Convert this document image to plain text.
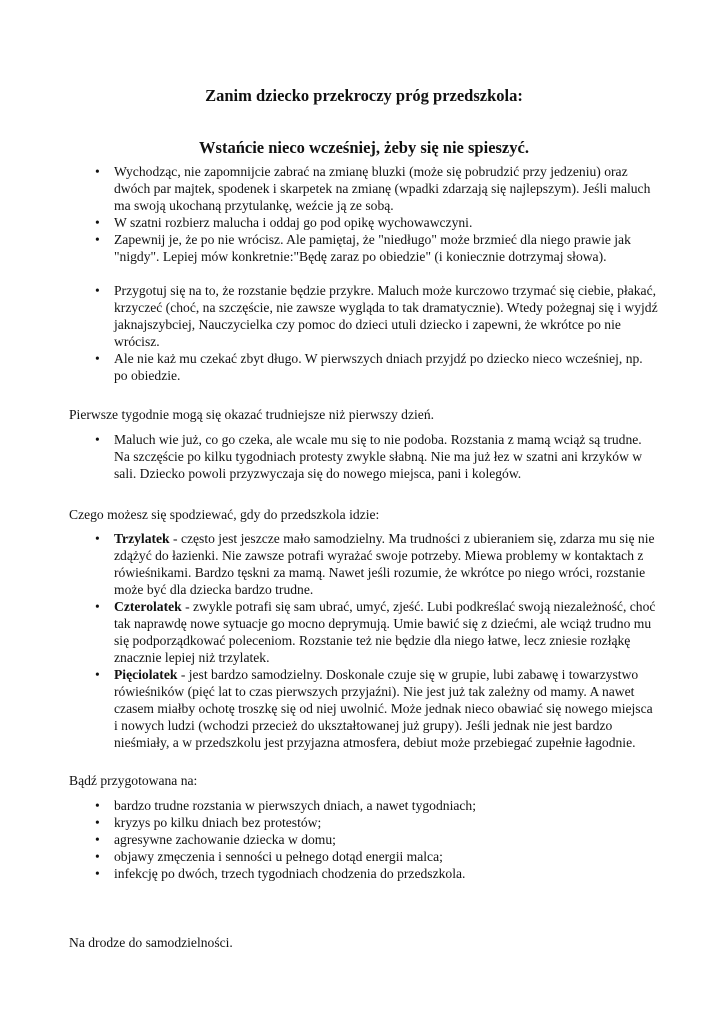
Zanim dziecko przekroczy próg przedszkola:
Wstańcie nieco wcześniej, żeby się nie spieszyć.
• Wychodząc, nie zapomnijcie zabrać na zmianę bluzki (może się pobrudzić przy jedzeniu) oraz dwóch par majtek, spodenek i skarpetek na zmianę (wpadki zdarzają się najlepszym). Jeśli maluch ma swoją ukochaną przytulankę, weźcie ją ze sobą.
• W szatni rozbierz malucha i oddaj go pod opikę wychowawczyni.
• Zapewnij je, że po nie wrócisz. Ale pamiętaj, że "niedługo" może brzmieć dla niego prawie jak "nigdy". Lepiej mów konkretnie:"Będę zaraz po obiedzie" (i koniecznie dotrzymaj słowa).
• Przygotuj się na to, że rozstanie będzie przykre. Maluch może kurczowo trzymać się ciebie, płakać, krzyczeć (choć, na szczęście, nie zawsze wygląda to tak dramatycznie). Wtedy pożegnaj się i wyjdź jaknajszybciej, Nauczycielka czy pomoc do dzieci utuli dziecko i zapewni, że wkrótce po nie wrócisz.
• Ale nie każ mu czekać zbyt długo. W pierwszych dniach przyjdź po dziecko nieco wcześniej, np. po obiedzie.

Pierwsze tygodnie mogą się okazać trudniejsze niż pierwszy dzień.

• Maluch wie już, co go czeka, ale wcale mu się to nie podoba. Rozstania z mamą wciąż są trudne. Na szczęście po kilku tygodniach protesty zwykle słabną. Nie ma już łez w szatni ani krzyków w sali. Dziecko powoli przyzwyczaja się do nowego miejsca, pani i kolegów.

Czego możesz się spodziewać, gdy do przedszkola idzie:

• Trzylatek - często jest jeszcze mało samodzielny. Ma trudności z ubieraniem się, zdarza mu się nie zdążyć do łazienki. Nie zawsze potrafi wyrażać swoje potrzeby. Miewa problemy w kontaktach z rówieśnikami. Bardzo tęskni za mamą. Nawet jeśli rozumie, że wkrótce po niego wróci, rozstanie może być dla dziecka bardzo trudne.
• Czterolatek - zwykle potrafi się sam ubrać, umyć, zjeść. Lubi podkreślać swoją niezależność, choć tak naprawdę nowe sytuacje go mocno deprymują. Umie bawić się z dziećmi, ale wciąż trudno mu się podporządkować poleceniom. Rozstanie też nie będzie dla niego łatwe, lecz zniesie rozłąkę znacznie lepiej niż trzylatek.
• Pięciolatek - jest bardzo samodzielny. Doskonale czuje się w grupie, lubi zabawę i towarzystwo rówieśników (pięć lat to czas pierwszych przyjaźni). Nie jest już tak zależny od mamy. A nawet czasem miałby ochotę troszkę się od niej uwolnić. Może jednak nieco obawiać się nowego miejsca i nowych ludzi (wchodzi przecież do ukształtowanej już grupy). Jeśli jednak nie jest bardzo nieśmiały, a w przedszkolu jest przyjazna atmosfera, debiut może przebiegać zupełnie łagodnie.

Bądź przygotowana na:

• bardzo trudne rozstania w pierwszych dniach, a nawet tygodniach;
• kryzys po kilku dniach bez protestów;
• agresywne zachowanie dziecka w domu;
• objawy zmęczenia i senności u pełnego dotąd energii malca;
• infekcję po dwóch, trzech tygodniach chodzenia do przedszkola.

Na drodze do samodzielności.
